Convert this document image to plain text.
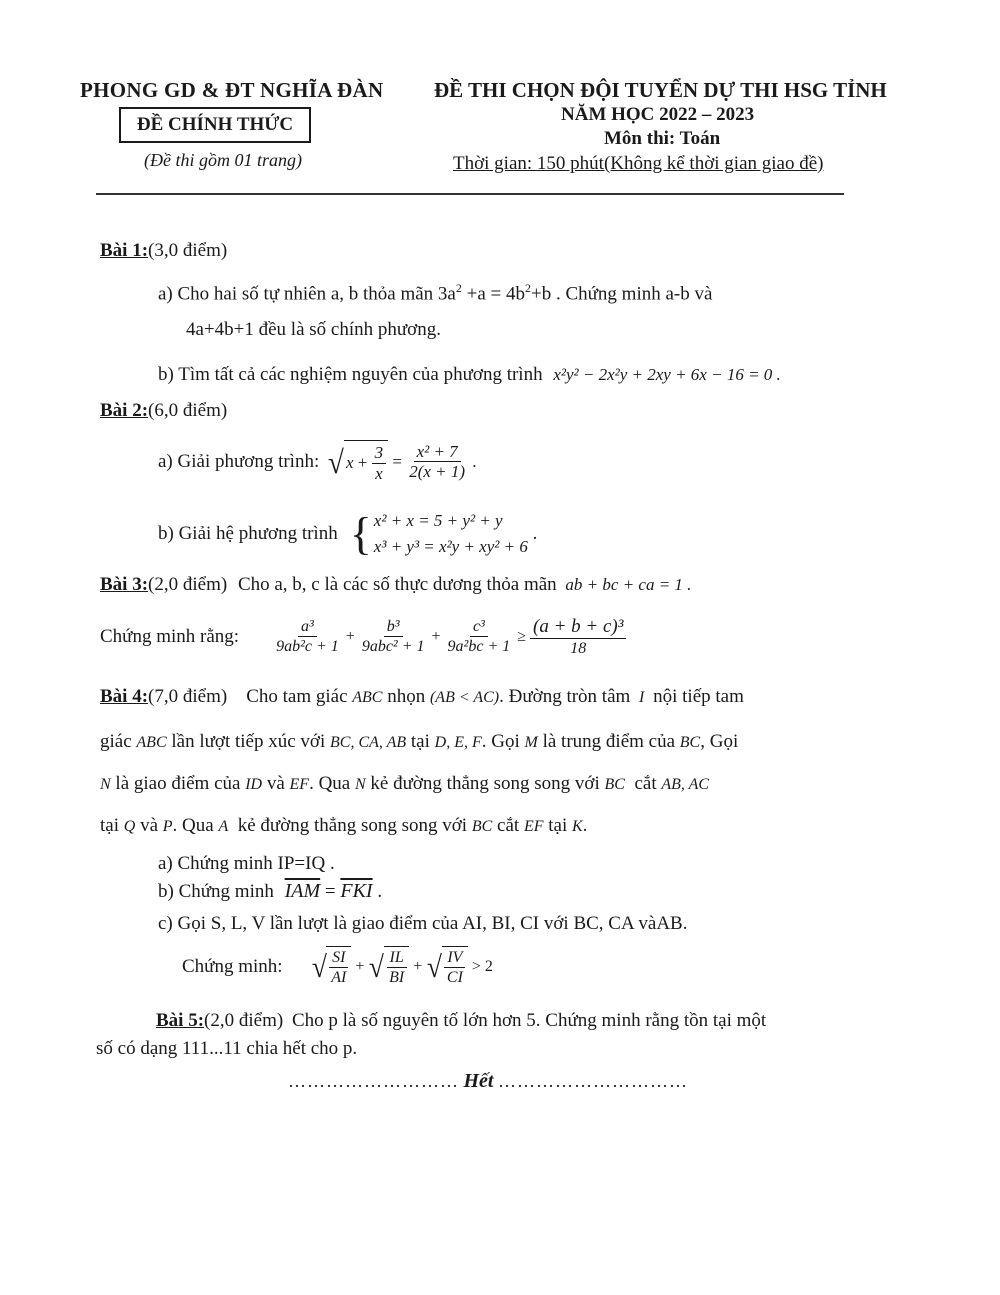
PHONG GD & ĐT NGHĨA ĐÀN
ĐỀ CHÍNH THỨC
(Đề thi gồm 01 trang)
ĐỀ THI CHỌN ĐỘI TUYỂN DỰ THI HSG TỈNH
NĂM HỌC 2022 – 2023
Môn thi: Toán
Thời gian: 150 phút(Không kể thời gian giao đề)
Bài 1:(3,0 điểm)
a) Cho hai số tự nhiên a, b thỏa mãn $3a^2 +a = 4b^2+b$ . Chứng minh a-b và
4a+4b+1 đều là số chính phương.
b) Tìm tất cả các nghiệm nguyên của phương trình x²y² − 2x²y + 2xy + 6x − 16 = 0 .
Bài 2:(6,0 điểm)
a) Giải phương trình: √ $x + \frac{3}{x} = \frac{\text{x² + 7}}{2(x + 1)}$ .
b) Giải hệ phương trình { x² + x = 5 + y² + y
x³ + y³ = x²y + xy² + 6
.
Bài 3:(2,0 điểm) Cho a, b, c là các số thực dương thỏa mãn ab + bc + ca = 1 .
Chứng minh rằng: $\frac{\text{a³}}{\text{9ab²c + 1}} + \frac{\text{b³}}{\text{9abc² + 1}} + \frac{\text{c³}}{\text{9a²bc + 1}} \ge \frac{\text{(a + b + c)³}}{18}$
Bài 4:(7,0 điểm) Cho tam giác ABC nhọn (AB < AC). Đường tròn tâm  I  nội tiếp tam
giác ABC lần lượt tiếp xúc với BC, CA, AB tại D, E, F. Gọi M là trung điểm của BC, Gọi
N là giao điểm của ID và EF. Qua N kẻ đường thẳng song song với BC cắt AB, AC
tại Q và P. Qua A kẻ đường thẳng song song với BC cắt EF tại K.
a) Chứng minh IP=IQ .
b) Chứng minh $\overline{IAM} = \overline{FKI}$ .
c) Gọi S, L, V lần lượt là giao điểm của AI, BI, CI với BC, CA vàAB.
Chứng minh: √ $\frac{SI}{AI}$ + √ $\frac{IL}{BI}$ + √ $\frac{IV}{CI} > 2$
Bài 5:(2,0 điểm) Cho p là số nguyên tố lớn hơn 5. Chứng minh rằng tồn tại một
số có dạng 111...11 chia hết cho p.
……………………… Hết …………………………
